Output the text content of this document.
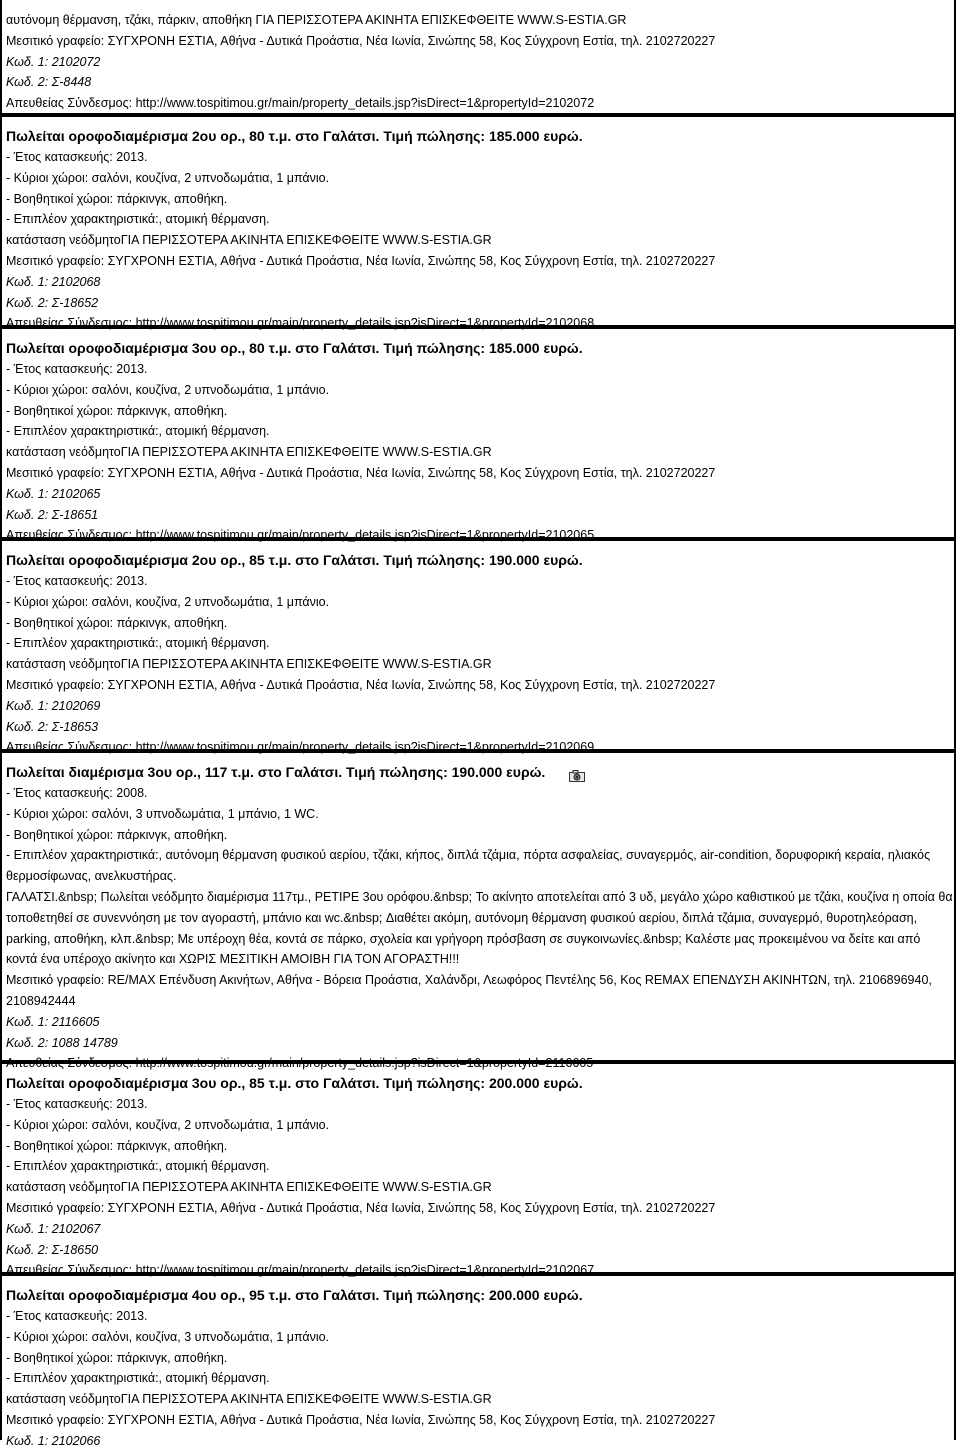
αυτόνομη θέρμανση, τζάκι, πάρκιν, αποθήκη ΓΙΑ ΠΕΡΙΣΣΟΤΕΡΑ ΑΚΙΝΗΤΑ ΕΠΙΣΚΕΦΘΕΙΤΕ WWW.S-ESTIA.GR
Μεσιτικό γραφείο: ΣΥΓΧΡΟΝΗ ΕΣΤΙΑ, Αθήνα - Δυτικά Προάστια, Νέα Ιωνία, Σινώπης 58, Κος Σύγχρονη Εστία, τηλ. 2102720227
Κωδ. 1: 2102072
Κωδ. 2: Σ-8448
Απευθείας Σύνδεσμος: http://www.tospitimou.gr/main/property_details.jsp?isDirect=1&propertyId=2102072
Πωλείται οροφοδιαμέρισμα 2ου ορ., 80 τ.μ. στο Γαλάτσι. Τιμή πώλησης: 185.000 ευρώ.
- Έτος κατασκευής: 2013.
- Κύριοι χώροι: σαλόνι, κουζίνα, 2 υπνοδωμάτια, 1 μπάνιο.
- Βοηθητικοί χώροι: πάρκινγκ, αποθήκη.
- Επιπλέον χαρακτηριστικά:, ατομική θέρμανση.
κατάσταση νεόδμητοΓΙΑ ΠΕΡΙΣΣΟΤΕΡΑ ΑΚΙΝΗΤΑ ΕΠΙΣΚΕΦΘΕΙΤΕ WWW.S-ESTIA.GR
Μεσιτικό γραφείο: ΣΥΓΧΡΟΝΗ ΕΣΤΙΑ, Αθήνα - Δυτικά Προάστια, Νέα Ιωνία, Σινώπης 58, Κος Σύγχρονη Εστία, τηλ. 2102720227
Κωδ. 1: 2102068
Κωδ. 2: Σ-18652
Απευθείας Σύνδεσμος: http://www.tospitimou.gr/main/property_details.jsp?isDirect=1&propertyId=2102068
Πωλείται οροφοδιαμέρισμα 3ου ορ., 80 τ.μ. στο Γαλάτσι. Τιμή πώλησης: 185.000 ευρώ.
- Έτος κατασκευής: 2013.
- Κύριοι χώροι: σαλόνι, κουζίνα, 2 υπνοδωμάτια, 1 μπάνιο.
- Βοηθητικοί χώροι: πάρκινγκ, αποθήκη.
- Επιπλέον χαρακτηριστικά:, ατομική θέρμανση.
κατάσταση νεόδμητοΓΙΑ ΠΕΡΙΣΣΟΤΕΡΑ ΑΚΙΝΗΤΑ ΕΠΙΣΚΕΦΘΕΙΤΕ WWW.S-ESTIA.GR
Μεσιτικό γραφείο: ΣΥΓΧΡΟΝΗ ΕΣΤΙΑ, Αθήνα - Δυτικά Προάστια, Νέα Ιωνία, Σινώπης 58, Κος Σύγχρονη Εστία, τηλ. 2102720227
Κωδ. 1: 2102065
Κωδ. 2: Σ-18651
Απευθείας Σύνδεσμος: http://www.tospitimou.gr/main/property_details.jsp?isDirect=1&propertyId=2102065
Πωλείται οροφοδιαμέρισμα 2ου ορ., 85 τ.μ. στο Γαλάτσι. Τιμή πώλησης: 190.000 ευρώ.
- Έτος κατασκευής: 2013.
- Κύριοι χώροι: σαλόνι, κουζίνα, 2 υπνοδωμάτια, 1 μπάνιο.
- Βοηθητικοί χώροι: πάρκινγκ, αποθήκη.
- Επιπλέον χαρακτηριστικά:, ατομική θέρμανση.
κατάσταση νεόδμητοΓΙΑ ΠΕΡΙΣΣΟΤΕΡΑ ΑΚΙΝΗΤΑ ΕΠΙΣΚΕΦΘΕΙΤΕ WWW.S-ESTIA.GR
Μεσιτικό γραφείο: ΣΥΓΧΡΟΝΗ ΕΣΤΙΑ, Αθήνα - Δυτικά Προάστια, Νέα Ιωνία, Σινώπης 58, Κος Σύγχρονη Εστία, τηλ. 2102720227
Κωδ. 1: 2102069
Κωδ. 2: Σ-18653
Απευθείας Σύνδεσμος: http://www.tospitimou.gr/main/property_details.jsp?isDirect=1&propertyId=2102069
Πωλείται διαμέρισμα 3ου ορ., 117 τ.μ. στο Γαλάτσι. Τιμή πώλησης: 190.000 ευρώ.
- Έτος κατασκευής: 2008.
- Κύριοι χώροι: σαλόνι, 3 υπνοδωμάτια, 1 μπάνιο, 1 WC.
- Βοηθητικοί χώροι: πάρκινγκ, αποθήκη.
- Επιπλέον χαρακτηριστικά:, αυτόνομη θέρμανση φυσικού αερίου, τζάκι, κήπος, διπλά τζάμια, πόρτα ασφαλείας, συναγερμός, air-condition, δορυφορική κεραία, ηλιακός θερμοσίφωνας, ανελκυστήρας.
ΓΑΛΑΤΣΙ.&nbsp; Πωλείται νεόδμητο διαμέρισμα 117τμ., ΡΕΤΙΡΕ 3ου ορόφου.&nbsp; Το ακίνητο αποτελείται από 3 υδ, μεγάλο χώρο καθιστικού με τζάκι, κουζίνα η οποία θα τοποθετηθεί σε συνεννόηση με τον αγοραστή, μπάνιο και wc.&nbsp; Διαθέτει ακόμη, αυτόνομη θέρμανση φυσικού αερίου, διπλά τζάμια, συναγερμό, θυροτηλεόραση, parking, αποθήκη, κλπ.&nbsp; Με υπέροχη θέα, κοντά σε πάρκο, σχολεία και γρήγορη πρόσβαση σε συγκοινωνίες.&nbsp; Καλέστε μας προκειμένου να δείτε και από κοντά ένα υπέροχο ακίνητο και ΧΩΡΙΣ ΜΕΣΙΤΙΚΗ ΑΜΟΙΒΗ ΓΙΑ ΤΟΝ ΑΓΟΡΑΣΤΗ!!!
Μεσιτικό γραφείο: RE/MAX Επένδυση Ακινήτων, Αθήνα - Βόρεια Προάστια, Χαλάνδρι, Λεωφόρος Πεντέλης 56, Κος REMAX ΕΠΕΝΔΥΣΗ ΑΚΙΝΗΤΩΝ, τηλ. 2106896940, 2108942444
Κωδ. 1: 2116605
Κωδ. 2: 1088 14789
Απευθείας Σύνδεσμος: http://www.tospitimou.gr/main/property_details.jsp?isDirect=1&propertyId=2116605
Πωλείται οροφοδιαμέρισμα 3ου ορ., 85 τ.μ. στο Γαλάτσι. Τιμή πώλησης: 200.000 ευρώ.
- Έτος κατασκευής: 2013.
- Κύριοι χώροι: σαλόνι, κουζίνα, 2 υπνοδωμάτια, 1 μπάνιο.
- Βοηθητικοί χώροι: πάρκινγκ, αποθήκη.
- Επιπλέον χαρακτηριστικά:, ατομική θέρμανση.
κατάσταση νεόδμητοΓΙΑ ΠΕΡΙΣΣΟΤΕΡΑ ΑΚΙΝΗΤΑ ΕΠΙΣΚΕΦΘΕΙΤΕ WWW.S-ESTIA.GR
Μεσιτικό γραφείο: ΣΥΓΧΡΟΝΗ ΕΣΤΙΑ, Αθήνα - Δυτικά Προάστια, Νέα Ιωνία, Σινώπης 58, Κος Σύγχρονη Εστία, τηλ. 2102720227
Κωδ. 1: 2102067
Κωδ. 2: Σ-18650
Απευθείας Σύνδεσμος: http://www.tospitimou.gr/main/property_details.jsp?isDirect=1&propertyId=2102067
Πωλείται οροφοδιαμέρισμα 4ου ορ., 95 τ.μ. στο Γαλάτσι. Τιμή πώλησης: 200.000 ευρώ.
- Έτος κατασκευής: 2013.
- Κύριοι χώροι: σαλόνι, κουζίνα, 3 υπνοδωμάτια, 1 μπάνιο.
- Βοηθητικοί χώροι: πάρκινγκ, αποθήκη.
- Επιπλέον χαρακτηριστικά:, ατομική θέρμανση.
κατάσταση νεόδμητοΓΙΑ ΠΕΡΙΣΣΟΤΕΡΑ ΑΚΙΝΗΤΑ ΕΠΙΣΚΕΦΘΕΙΤΕ WWW.S-ESTIA.GR
Μεσιτικό γραφείο: ΣΥΓΧΡΟΝΗ ΕΣΤΙΑ, Αθήνα - Δυτικά Προάστια, Νέα Ιωνία, Σινώπης 58, Κος Σύγχρονη Εστία, τηλ. 2102720227
Κωδ. 1: 2102066
